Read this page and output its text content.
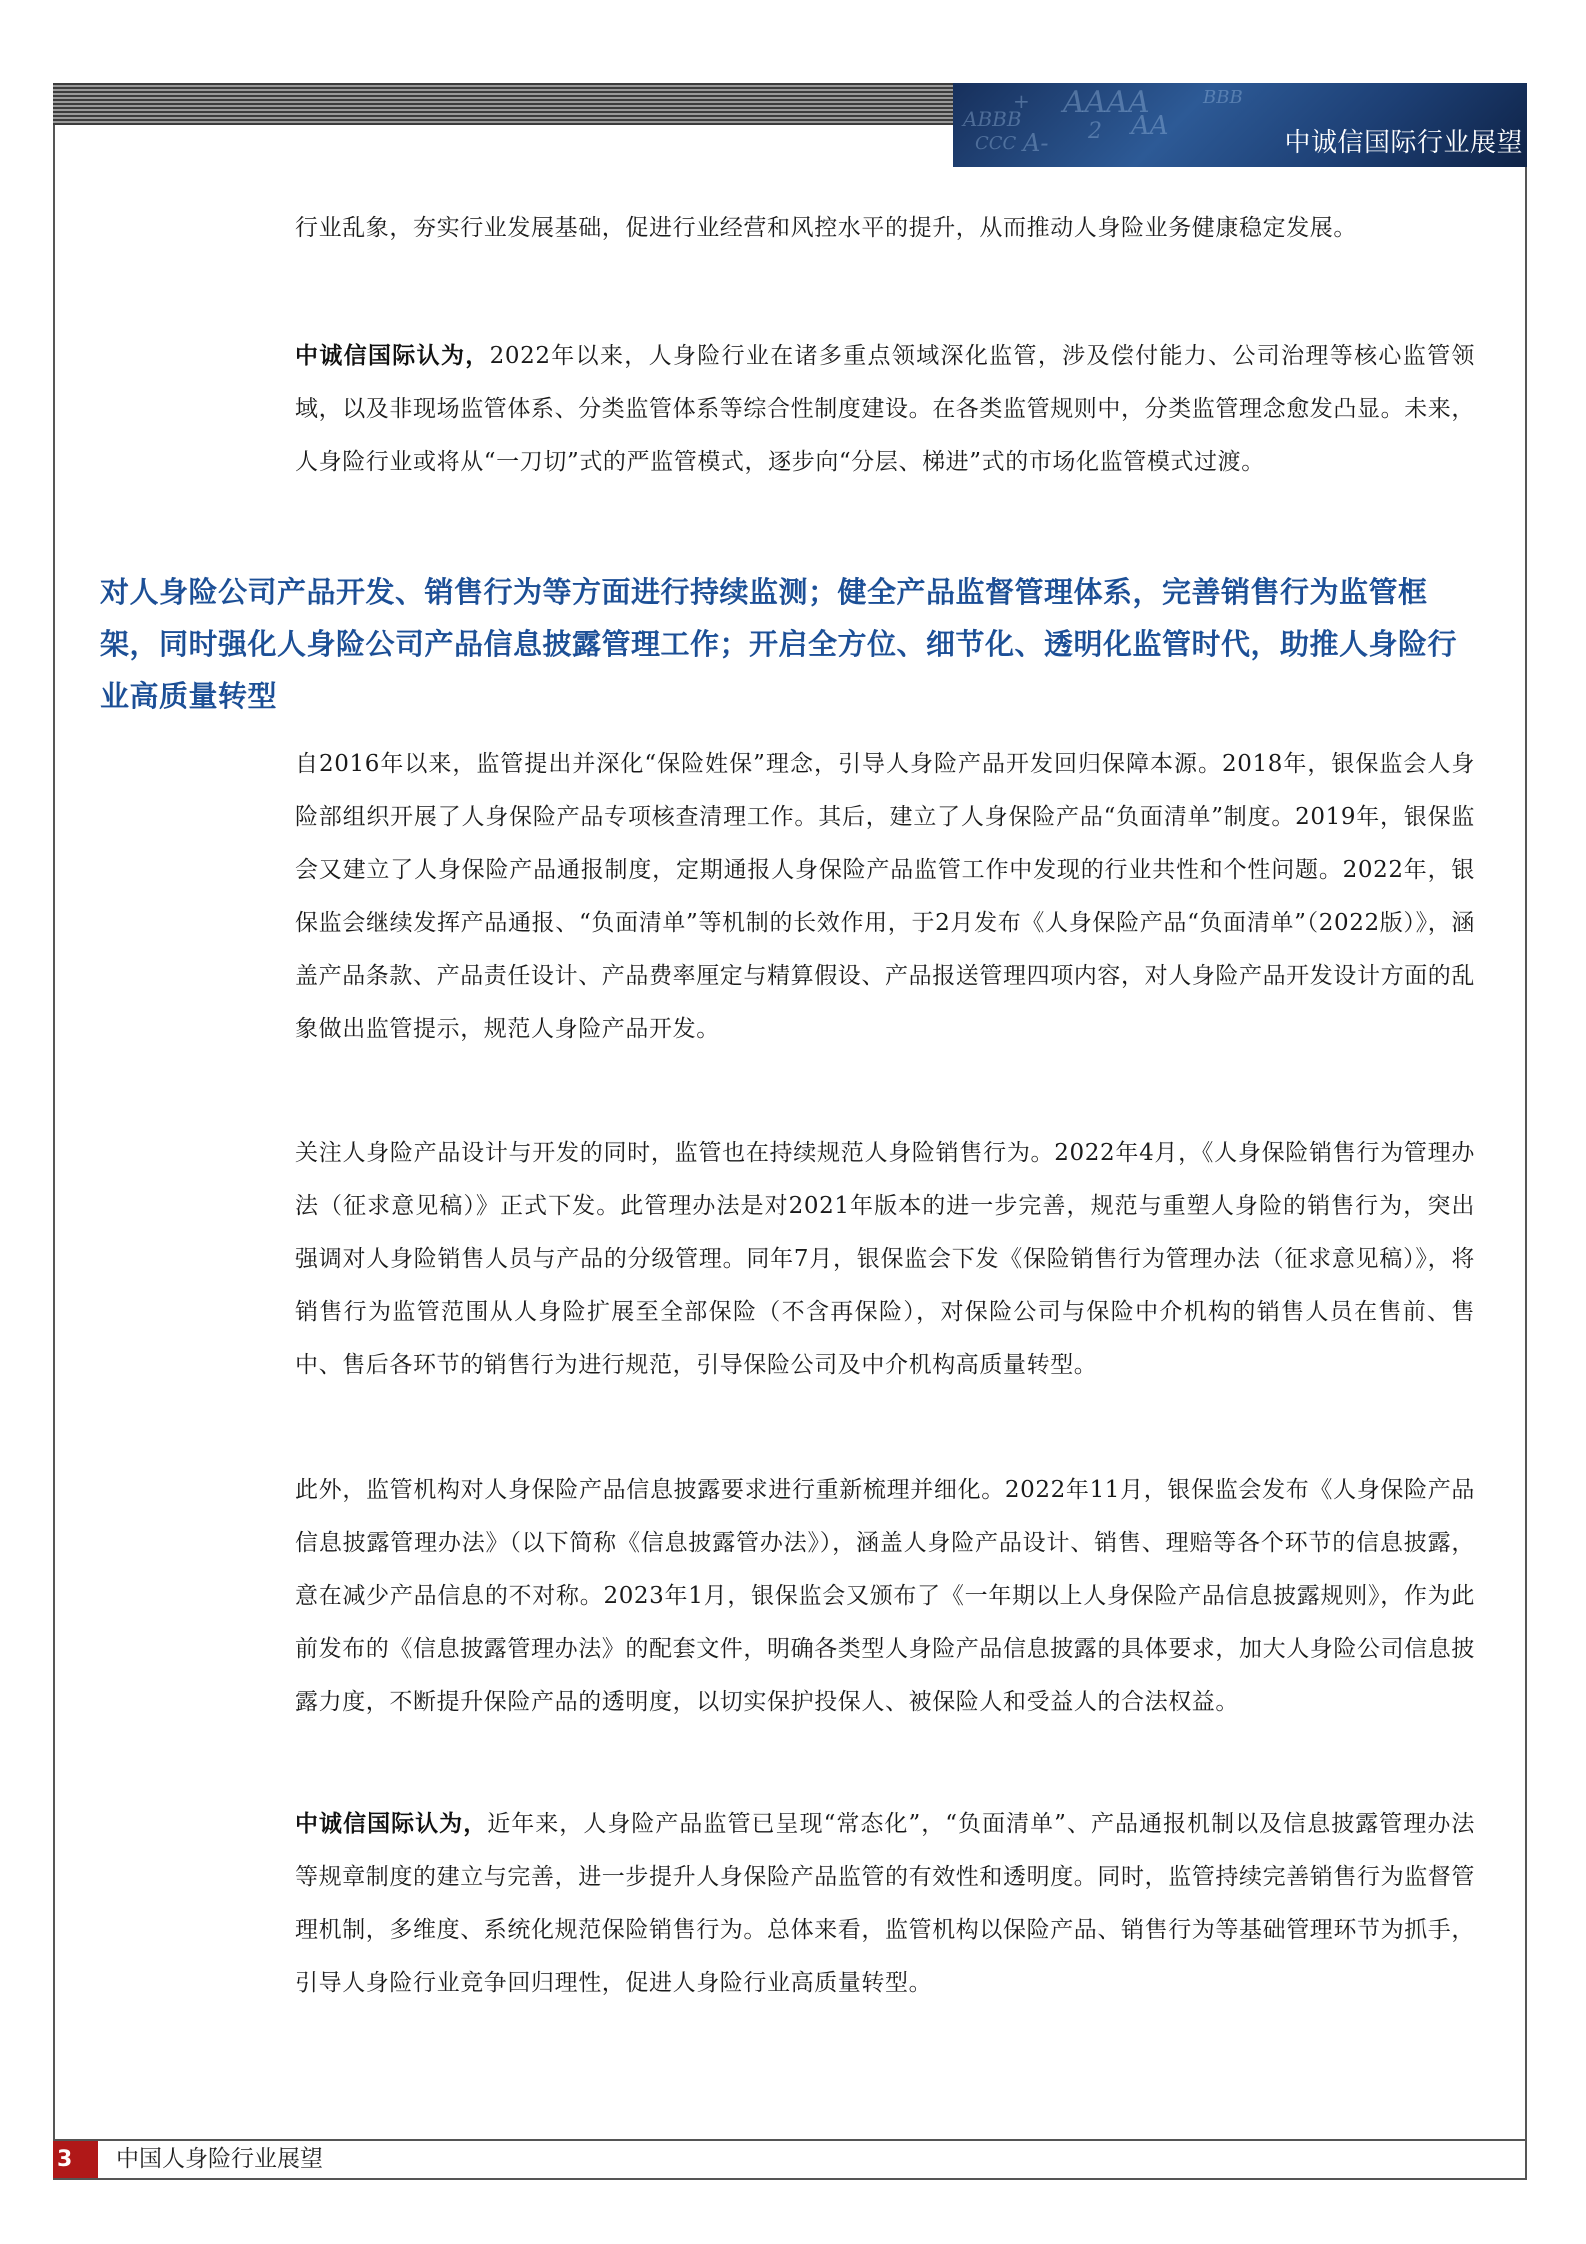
AAAA
ABBB
CCC A-
AA
+	BBB
2	中诚信国际行业展望

行业乱象，夯实行业发展基础，促进行业经营和风控水平的提升，从而推动人身险业务健康稳定发展。

中诚信国际认为，2022年以来，人身险行业在诸多重点领域深化监管，涉及偿付能力、公司治理等核心监管领域，以及非现场监管体系、分类监管体系等综合性制度建设。在各类监管规则中，分类监管理念愈发凸显。未来，人身险行业或将从“一刀切”式的严监管模式，逐步向“分层、梯进”式的市场化监管模式过渡。

对人身险公司产品开发、销售行为等方面进行持续监测；健全产品监督管理体系，完善销售行为监管框架，同时强化人身险公司产品信息披露管理工作；开启全方位、细节化、透明化监管时代，助推人身险行业高质量转型

自2016年以来，监管提出并深化“保险姓保”理念，引导人身险产品开发回归保障本源。2018年，银保监会人身险部组织开展了人身保险产品专项核查清理工作。其后，建立了人身保险产品“负面清单”制度。2019年，银保监会又建立了人身保险产品通报制度，定期通报人身保险产品监管工作中发现的行业共性和个性问题。2022年，银保监会继续发挥产品通报、“负面清单”等机制的长效作用，于2月发布《人身保险产品“负面清单”（2022版）》，涵盖产品条款、产品责任设计、产品费率厘定与精算假设、产品报送管理四项内容，对人身险产品开发设计方面的乱象做出监管提示，规范人身险产品开发。

关注人身险产品设计与开发的同时，监管也在持续规范人身险销售行为。2022年4月，《人身保险销售行为管理办法（征求意见稿）》正式下发。此管理办法是对2021年版本的进一步完善，规范与重塑人身险的销售行为，突出强调对人身险销售人员与产品的分级管理。同年7月，银保监会下发《保险销售行为管理办法（征求意见稿）》，将销售行为监管范围从人身险扩展至全部保险（不含再保险），对保险公司与保险中介机构的销售人员在售前、售中、售后各环节的销售行为进行规范，引导保险公司及中介机构高质量转型。

此外，监管机构对人身保险产品信息披露要求进行重新梳理并细化。2022年11月，银保监会发布《人身保险产品信息披露管理办法》（以下简称《信息披露管办法》），涵盖人身险产品设计、销售、理赔等各个环节的信息披露，意在减少产品信息的不对称。2023年1月，银保监会又颁布了《一年期以上人身保险产品信息披露规则》，作为此前发布的《信息披露管理办法》的配套文件，明确各类型人身险产品信息披露的具体要求，加大人身险公司信息披露力度，不断提升保险产品的透明度，以切实保护投保人、被保险人和受益人的合法权益。

中诚信国际认为，近年来，人身险产品监管已呈现“常态化”，“负面清单”、产品通报机制以及信息披露管理办法等规章制度的建立与完善，进一步提升人身保险产品监管的有效性和透明度。同时，监管持续完善销售行为监督管理机制，多维度、系统化规范保险销售行为。总体来看，监管机构以保险产品、销售行为等基础管理环节为抓手，引导人身险行业竞争回归理性，促进人身险行业高质量转型。

3	中国人身险行业展望
